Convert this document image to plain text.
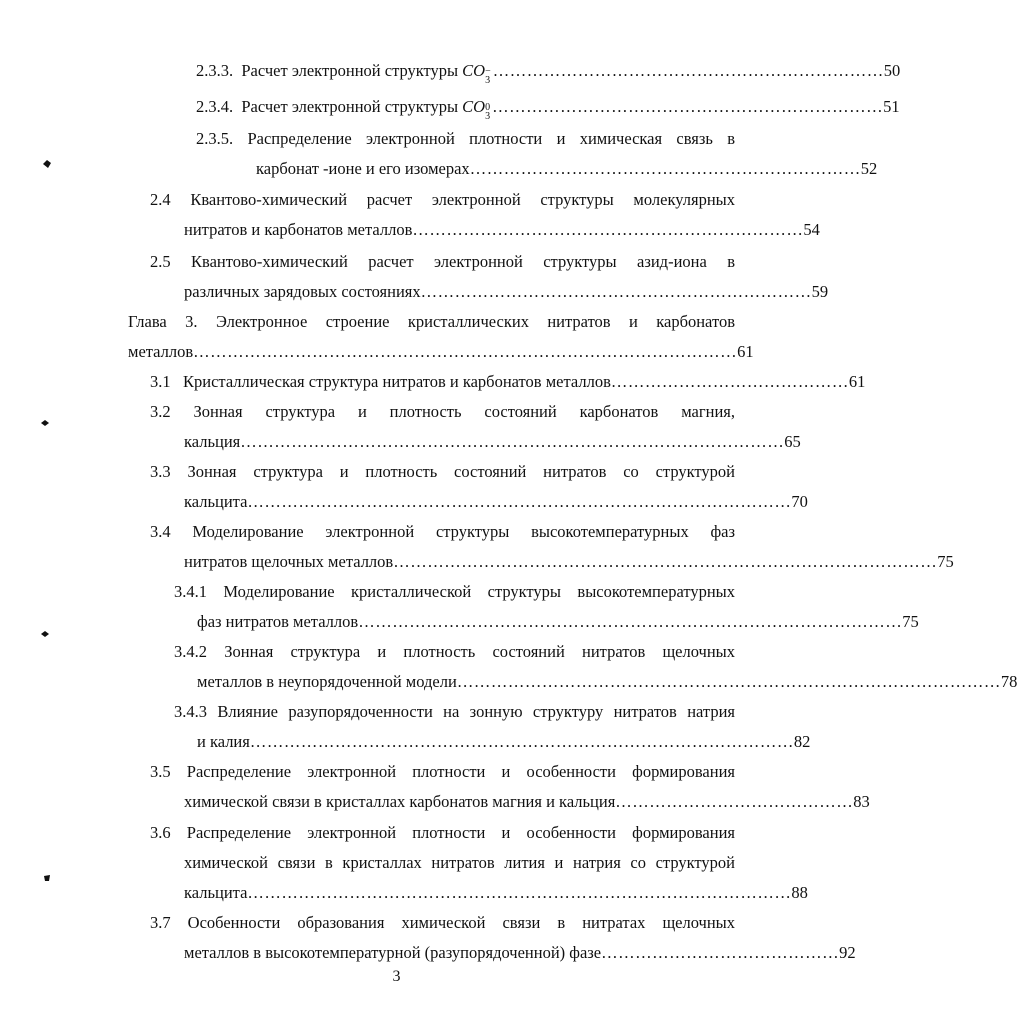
2.3.3. Расчет электронной структуры CO −
3
…………………………………………………………… 50
2.3.4. Расчет электронной структуры CO 0
3
…………………………………………………………… 51
2.3.5. Распределение электронной плотности и химическая связь в
карбонат -ионе и его изомерах …………………………………………………………… 52
2.4 Квантово-химический расчет электронной структуры молекулярных
нитратов и карбонатов металлов …………………………………………………………… 54
2.5 Квантово-химический расчет электронной структуры азид-иона в
различных зарядовых состояниях …………………………………………………………… 59
Глава 3. Электронное строение кристаллических нитратов и карбонатов
металлов …………………………………………………………………………………… 61
3.1 Кристаллическая структура нитратов и карбонатов металлов …………………………………… 61
3.2 Зонная структура и плотность состояний карбонатов магния,
кальция …………………………………………………………………………………… 65
3.3 Зонная структура и плотность состояний нитратов со структурой
кальцита …………………………………………………………………………………… 70
3.4 Моделирование электронной структуры высокотемпературных фаз
нитратов щелочных металлов …………………………………………………………………………………… 75
3.4.1 Моделирование кристаллической структуры высокотемпературных
фаз нитратов металлов …………………………………………………………………………………… 75
3.4.2 Зонная структура и плотность состояний нитратов щелочных
металлов в неупорядоченной модели …………………………………………………………………………………… 78
3.4.3 Влияние разупорядоченности на зонную структуру нитратов натрия
и калия …………………………………………………………………………………… 82
3.5 Распределение электронной плотности и особенности формирования
химической связи в кристаллах карбонатов магния и кальция …………………………………… 83
3.6 Распределение электронной плотности и особенности формирования
химической связи в кристаллах нитратов лития и натрия со структурой
кальцита …………………………………………………………………………………… 88
3.7 Особенности образования химической связи в нитратах щелочных
металлов в высокотемпературной (разупорядоченной) фазе …………………………………… 92
3
